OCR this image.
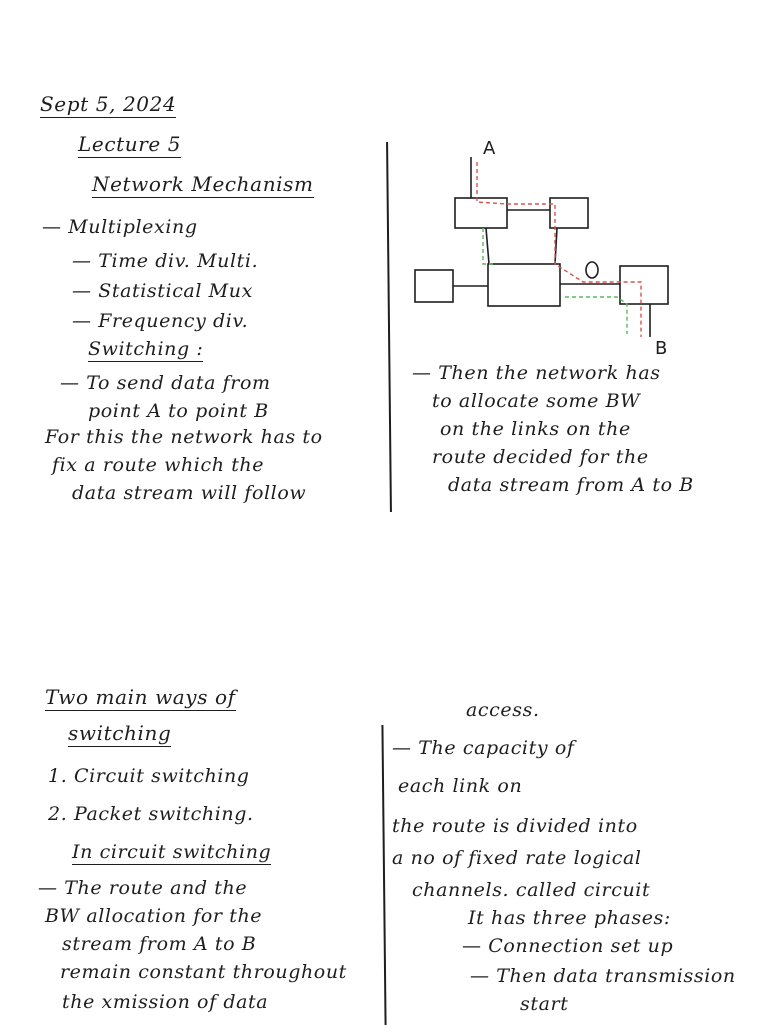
Sept 5, 2024
Lecture 5
Network Mechanism
— Multiplexing
— Time div. Multi.
— Statistical Mux
— Frequency div.
Switching :
— To send data from
point A to point B
For this the network has to
fix a route which the
data stream will follow
A
B
— Then the network has
to allocate some BW
on the links on the
route decided for the
data stream from A to B
Two main ways of
switching
1. Circuit switching
2. Packet switching.
In circuit switching
— The route and the
BW allocation for the
stream from A to B
remain constant throughout
the xmission of data
access.
— The capacity of
each link on
the route is divided into
a no of fixed rate logical
channels. called circuit
It has three phases:
— Connection set up
— Then data transmission
start
